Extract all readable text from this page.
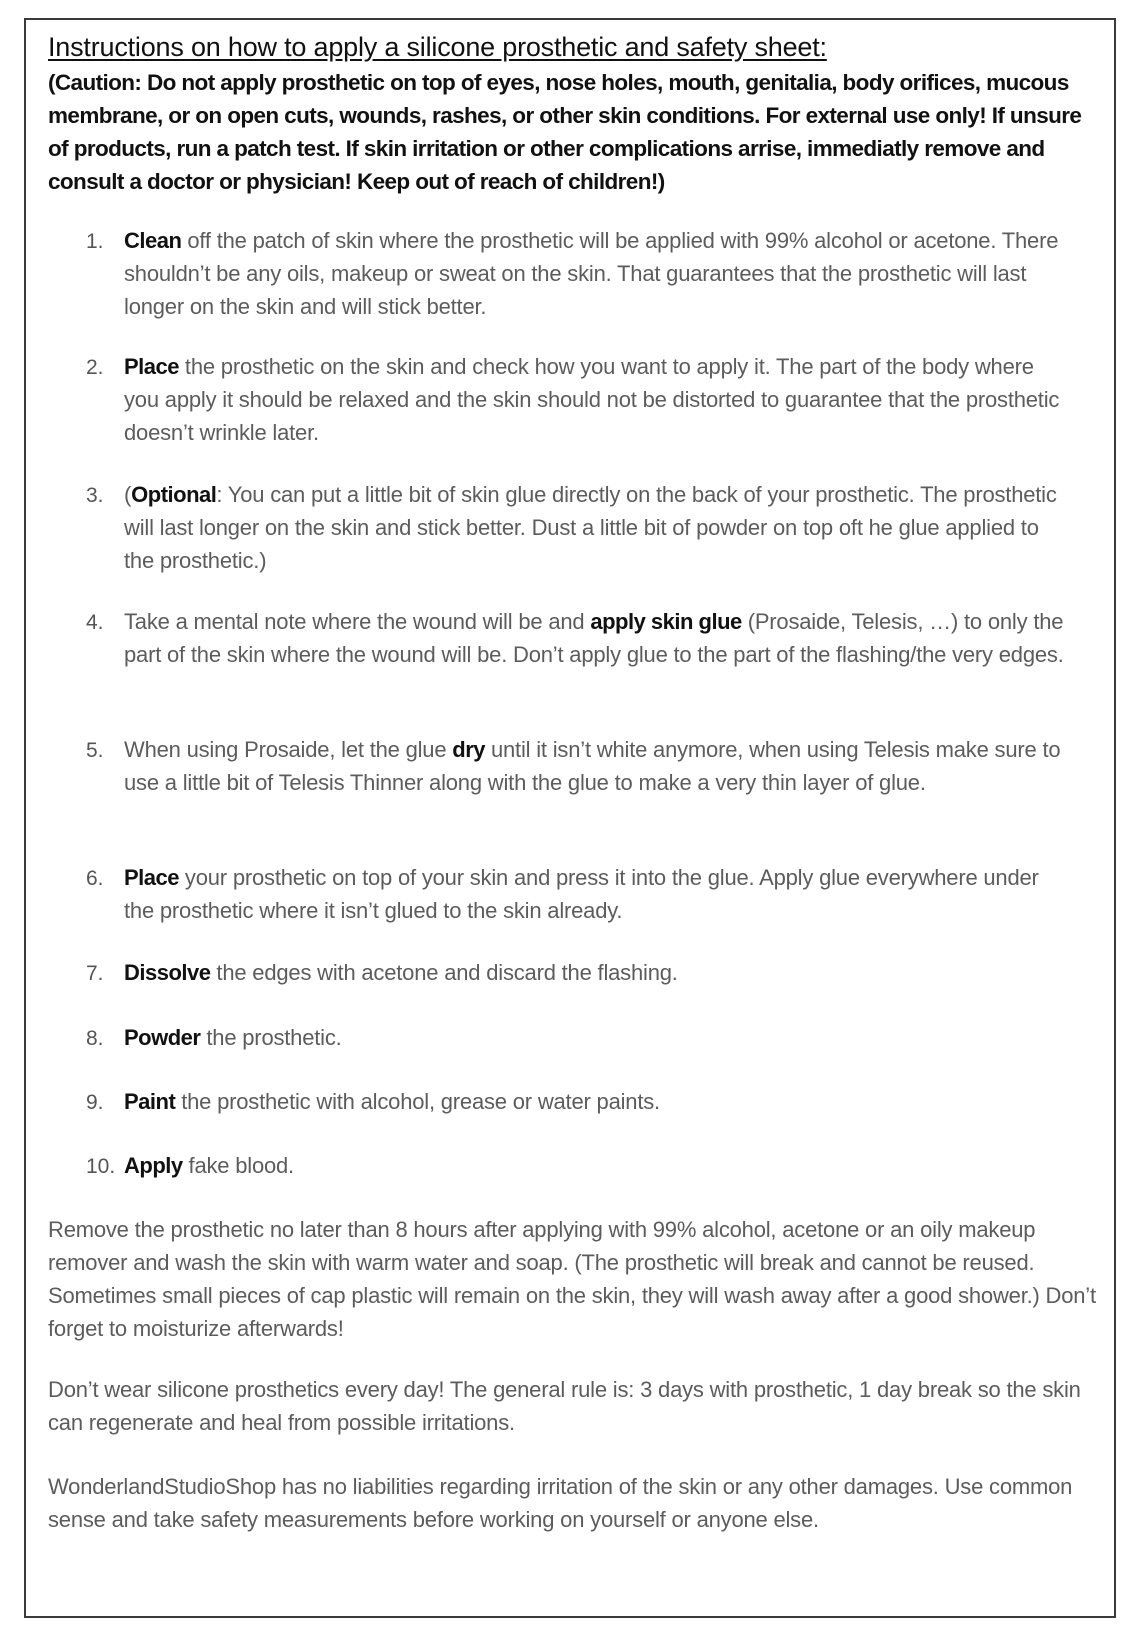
Instructions on how to apply a silicone prosthetic and safety sheet:

(Caution: Do not apply prosthetic on top of eyes, nose holes, mouth, genitalia, body orifices, mucous membrane, or on open cuts, wounds, rashes, or other skin conditions. For external use only! If unsure of products, run a patch test. If skin irritation or other complications arrise, immediatly remove and consult a doctor or physician! Keep out of reach of children!)

1. Clean off the patch of skin where the prosthetic will be applied with 99% alcohol or acetone. There shouldn’t be any oils, makeup or sweat on the skin. That guarantees that the prosthetic will last longer on the skin and will stick better.
2. Place the prosthetic on the skin and check how you want to apply it. The part of the body where you apply it should be relaxed and the skin should not be distorted to guarantee that the prosthetic doesn’t wrinkle later.
3. (Optional: You can put a little bit of skin glue directly on the back of your prosthetic. The prosthetic will last longer on the skin and stick better. Dust a little bit of powder on top oft he glue applied to the prosthetic.)
4. Take a mental note where the wound will be and apply skin glue (Prosaide, Telesis, …) to only the part of the skin where the wound will be. Don’t apply glue to the part of the flashing/the very edges.
5. When using Prosaide, let the glue dry until it isn’t white anymore, when using Telesis make sure to use a little bit of Telesis Thinner along with the glue to make a very thin layer of glue.
6. Place your prosthetic on top of your skin and press it into the glue. Apply glue everywhere under the prosthetic where it isn’t glued to the skin already.
7. Dissolve the edges with acetone and discard the flashing.
8. Powder the prosthetic.
9. Paint the prosthetic with alcohol, grease or water paints.
10. Apply fake blood.

Remove the prosthetic no later than 8 hours after applying with 99% alcohol, acetone or an oily makeup remover and wash the skin with warm water and soap. (The prosthetic will break and cannot be reused. Sometimes small pieces of cap plastic will remain on the skin, they will wash away after a good shower.) Don’t forget to moisturize afterwards!

Don’t wear silicone prosthetics every day! The general rule is: 3 days with prosthetic, 1 day break so the skin can regenerate and heal from possible irritations.

WonderlandStudioShop has no liabilities regarding irritation of the skin or any other damages. Use common sense and take safety measurements before working on yourself or anyone else.
